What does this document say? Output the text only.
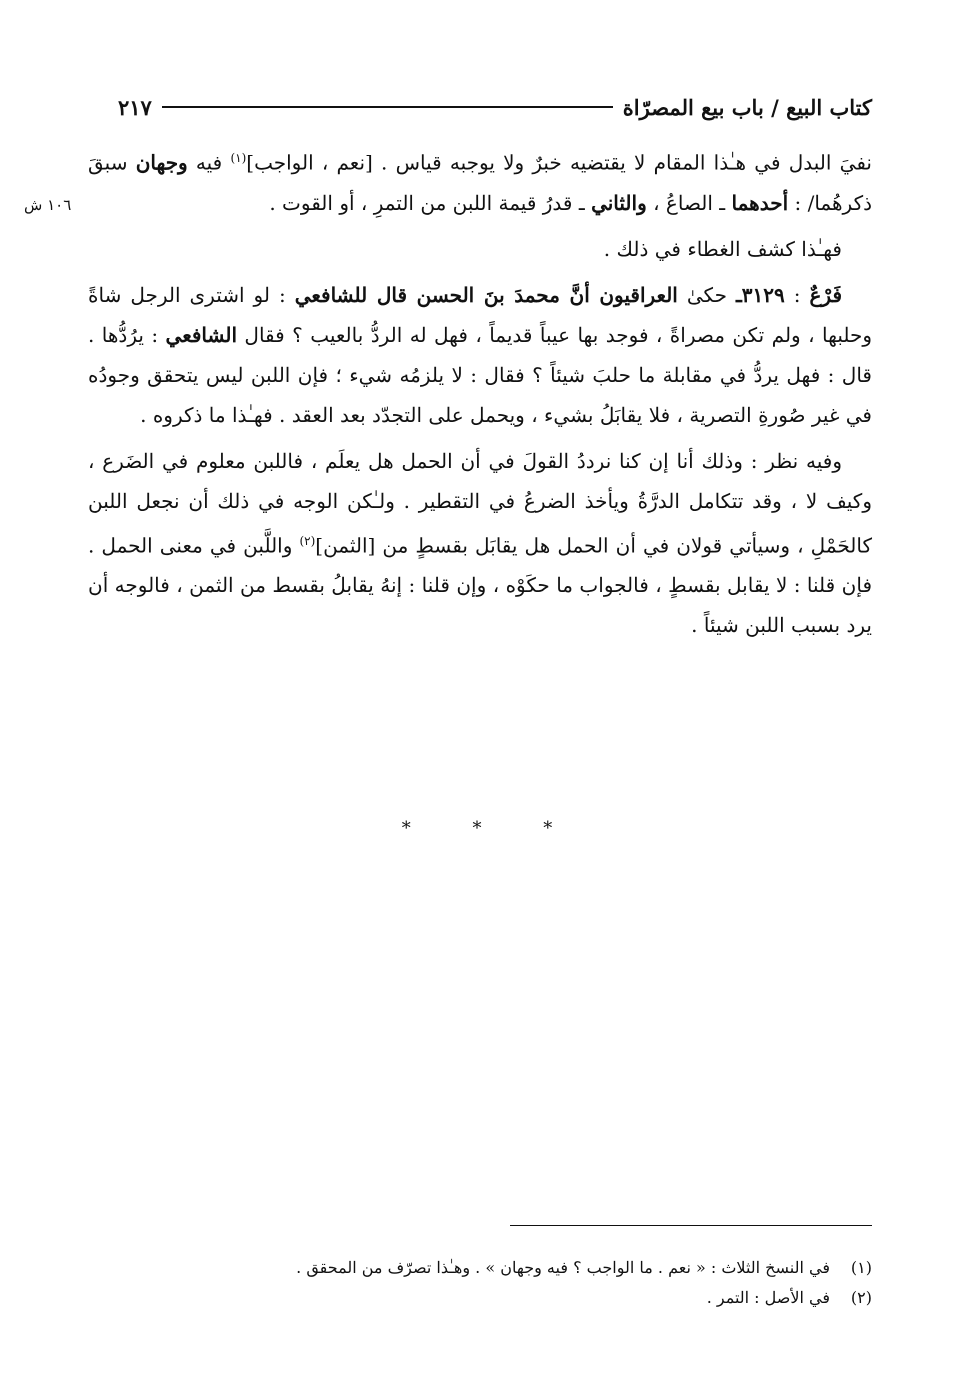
كتاب البيع / باب بيع المصرّاة
٢١٧
١٠٦ ش

نفيَ البدل في هـٰذا المقام لا يقتضيه خبرٌ ولا يوجبه قياس . [نعم ، الواجب]$^{(١)}$ فيه وجهان سبقَ ذكرهُما/ : أحدهما ـ الصاعُ ، والثاني ـ قدرُ قيمة اللبن من التمرِ ، أو القوت .

فهـٰذا كشف الغطاء في ذلك .

فَرْعٌ : ٣١٢٩ـ حكىٰ العراقيون أنَّ محمدَ بنَ الحسن قال للشافعي : لو اشترى الرجل شاةً وحلبها ، ولم تكن مصراةً ، فوجد بها عيباً قديماً ، فهل له الردُّ بالعيب ؟ فقال الشافعي : يرُدُّها . قال : فهل يردُّ في مقابلة ما حلبَ شيئاً ؟ فقال : لا يلزمُه شيء ؛ فإن اللبن ليس يتحقق وجودُه في غير صُورةِ التصرية ، فلا يقابَلُ بشيء ، ويحمل على التجدّد بعد العقد . فهـٰذا ما ذكروه .

وفيه نظر : وذلك أنا إن كنا نرددُ القولَ في أن الحمل هل يعلَم ، فاللبن معلوم في الضَرع ، وكيف لا ، وقد تتكامل الدرَّةُ ويأخذ الضرعُ في التقطير . ولـٰكن الوجه في ذلك أن نجعل اللبن كالحَمْلِ ، وسيأتي قولان في أن الحمل هل يقابَل بقسطٍ من [الثمن]$^{(٢)}$ واللَّبن في معنى الحمل . فإن قلنا : لا يقابل بقسطٍ ، فالجواب ما حكَوْه ، وإن قلنا : إنهُ يقابلُ بقسط من الثمن ، فالوجه أن يرد بسبب اللبن شيئاً .

* * *
(١)
في النسخ الثلاث : « نعم . ما الواجب ؟ فيه وجهان » . وهـٰذا تصرّف من المحقق .
(٢)
في الأصل : التمر .
